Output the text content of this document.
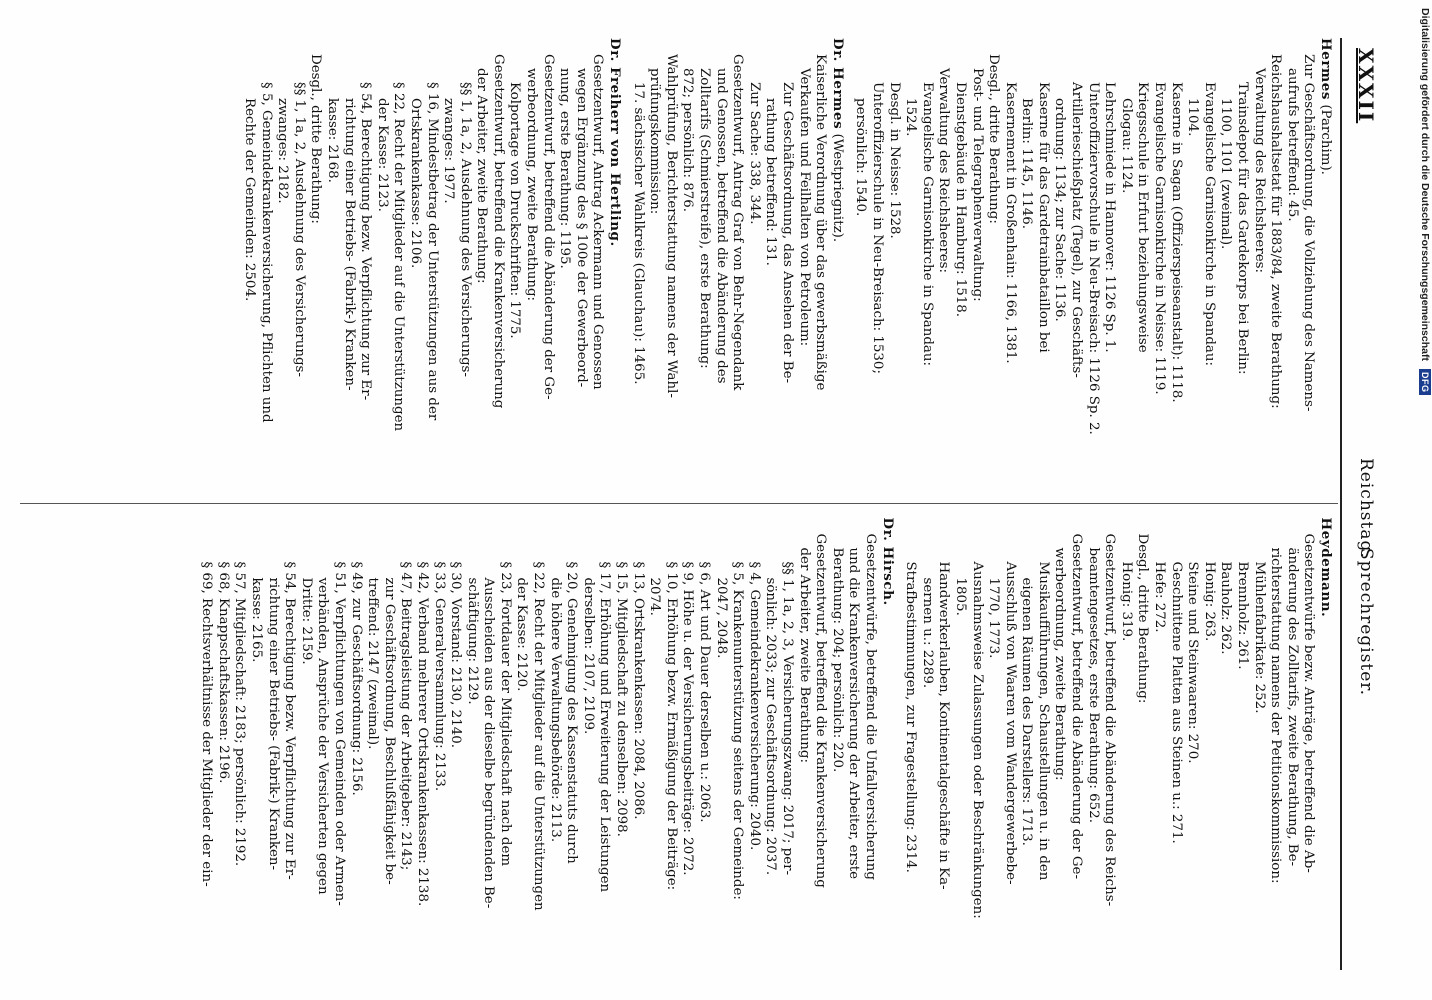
XXXII
Reichstag.
Sprechregister.
Hermes (Parchim).
Zur Geschäftsordnung, die Vollziehung des Namens-
aufrufs betreffend: 45.
Reichshaushaltsetat für 1883/84, zweite Berathung:
Verwaltung des Reichsheeres:
Trainsdepot für das Gardekorps bei Berlin:
1100, 1101 (zweimal).
Evangelische Garnisonkirche in Spandau:
1104.
Kaserne in Sagan (Offizierspeiseanstalt): 1118.
Evangelische Garnisonkirche in Neisse: 1119.
Kriegsschule in Erfurt beziehungsweise
Glogau: 1124.
Lehrschmiede in Hannover: 1126 Sp. 1.
Unteroffiziervorschule in Neu-Breisach: 1126 Sp. 2.
Artillerieschießplatz (Tegel), zur Geschäfts-
ordnung: 1134; zur Sache: 1136.
Kaserne für das Gardetrainbataillon bei
Berlin: 1145, 1146.
Kasernement in Großenhain: 1166, 1381.
Desgl., dritte Berathung:
Post- und Telegraphenverwaltung:
Dienstgebäude in Hamburg: 1518.
Verwaltung des Reichsheeres:
Evangelische Garnisonkirche in Spandau:
1524.
Desgl. in Neisse: 1528.
Unteroffizierschule in Neu-Breisach: 1530;
persönlich: 1540.
Dr. Hermes (Westpriegnitz).
Kaiserliche Verordnung über das gewerbsmäßige
Verkaufen und Feilhalten von Petroleum:
Zur Geschäftsordnung, das Ansehen der Be-
rathung betreffend: 131.
Zur Sache: 338, 344.
Gesetzentwurf, Antrag Graf von Behr-Negendank
und Genossen, betreffend die Abänderung des
Zolltarifs (Schmierstreife), erste Berathung:
872; persönlich: 876.
Wahlprüfung, Berichterstattung namens der Wahl-
prüfungskommission:
17. sächsischer Wahlkreis (Glauchau): 1465.
Dr. Freiherr von Hertling.
Gesetzentwurf, Antrag Ackermann und Genossen
wegen Ergänzung des § 100e der Gewerbeord-
nung, erste Berathung: 1195.
Gesetzentwurf, betreffend die Abänderung der Ge-
werbeordnung, zweite Berathung:
Kolportage von Druckschriften: 1775.
Gesetzentwurf, betreffend die Krankenversicherung
der Arbeiter, zweite Berathung:
§§ 1, 1a, 2, Ausdehnung des Versicherungs-
zwanges: 1977.
§ 16, Mindestbetrag der Unterstützungen aus der
Ortskrankenkasse: 2106.
§ 22, Recht der Mitglieder auf die Unterstützungen
der Kasse: 2123.
§ 54, Berechtigung bezw. Verpflichtung zur Er-
richtung einer Betriebs- (Fabrik-) Kranken-
kasse: 2168.
Desgl., dritte Berathung:
§§ 1, 1a, 2, Ausdehnung des Versicherungs-
zwanges: 2182.
§ 5, Gemeindekrankenversicherung, Pflichten und
Rechte der Gemeinden: 2504.
Heydemann.
Gesetzentwürfe bezw. Anträge, betreffend die Ab-
änderung des Zolltarifs, zweite Berathung, Be-
richterstattung namens der Petitionskommission:
Mühlenfabrikate: 252.
Brennholz: 261.
Bauholz: 262.
Honig: 263.
Steine und Steinwaaren: 270.
Geschnittene Platten aus Steinen u.: 271.
Hefe: 272.
Desgl., dritte Berathung:
Honig: 319.
Gesetzentwurf, betreffend die Abänderung des Reichs-
beamtengesetzes, erste Berathung: 652.
Gesetzentwurf, betreffend die Abänderung der Ge-
werbeordnung, zweite Berathung:
Musikaufführungen, Schaustellungen u. in den
eigenen Räumen des Darstellers: 1713.
Ausschluß von Waaren vom Wandergewerbebe-
1770, 1773.
Ausnahmsweise Zulassungen oder Beschränkungen:
1805.
Handwerkerlauben, Kontinentalgeschäfte in Ka-
sernen u.: 2289.
Strafbestimmungen, zur Fragestellung: 2314.
Dr. Hirsch.
Gesetzentwürfe, betreffend die Unfallversicherung
und die Krankenversicherung der Arbeiter, erste
Berathung: 204; persönlich: 220.
Gesetzentwurf, betreffend die Krankenversicherung
der Arbeiter, zweite Berathung:
§§ 1, 1a, 2, 3, Versicherungszwang: 2017; per-
sönlich: 2033; zur Geschäftsordnung: 2037.
§ 4, Gemeindekrankenversicherung: 2040.
§ 5, Krankenunterstützung seitens der Gemeinde:
2047, 2048.
§ 6, Art und Dauer derselben u.: 2063.
§ 9, Höhe u. der Versicherungsbeiträge: 2072.
§ 10, Erhöhung bezw. Ermäßigung der Beiträge:
2074.
§ 13, Ortskrankenkassen: 2084, 2086.
§ 15, Mitgliedschaft zu denselben: 2098.
§ 17, Erhöhung und Erweiterung der Leistungen
derselben: 2107, 2109.
§ 20, Genehmigung des Kassenstatuts durch
die höhere Verwaltungsbehörde: 2113.
§ 22, Recht der Mitglieder auf die Unterstützungen
der Kasse: 2120.
§ 23, Fortdauer der Mitgliedschaft nach dem
Ausscheiden aus der dieselbe begründenden Be-
schäftigung: 2129.
§ 30, Vorstand: 2130, 2140.
§ 33, Generalversammlung: 2133.
§ 42, Verband mehrerer Ortskrankenkassen: 2138.
§ 47, Beitragsleistung der Arbeitgeber: 2143;
zur Geschäftsordnung, Beschlußfähigkeit be-
treffend: 2147 (zweimal).
§ 49, zur Geschäftsordnung: 2156.
§ 51, Verpflichtungen von Gemeinden oder Armen-
verbänden, Ansprüche der Versicherten gegen
Dritte: 2159.
§ 54, Berechtigung bezw. Verpflichtung zur Er-
richtung einer Betriebs- (Fabrik-) Kranken-
kasse: 2165.
§ 57, Mitgliedschaft: 2183; persönlich: 2192.
§ 68, Knappschaftskassen: 2196.
§ 69, Rechtsverhältnisse der Mitglieder der ein-
Digitalisierung gefördert durch die Deutsche ForschungsgemeinschaftDFG
